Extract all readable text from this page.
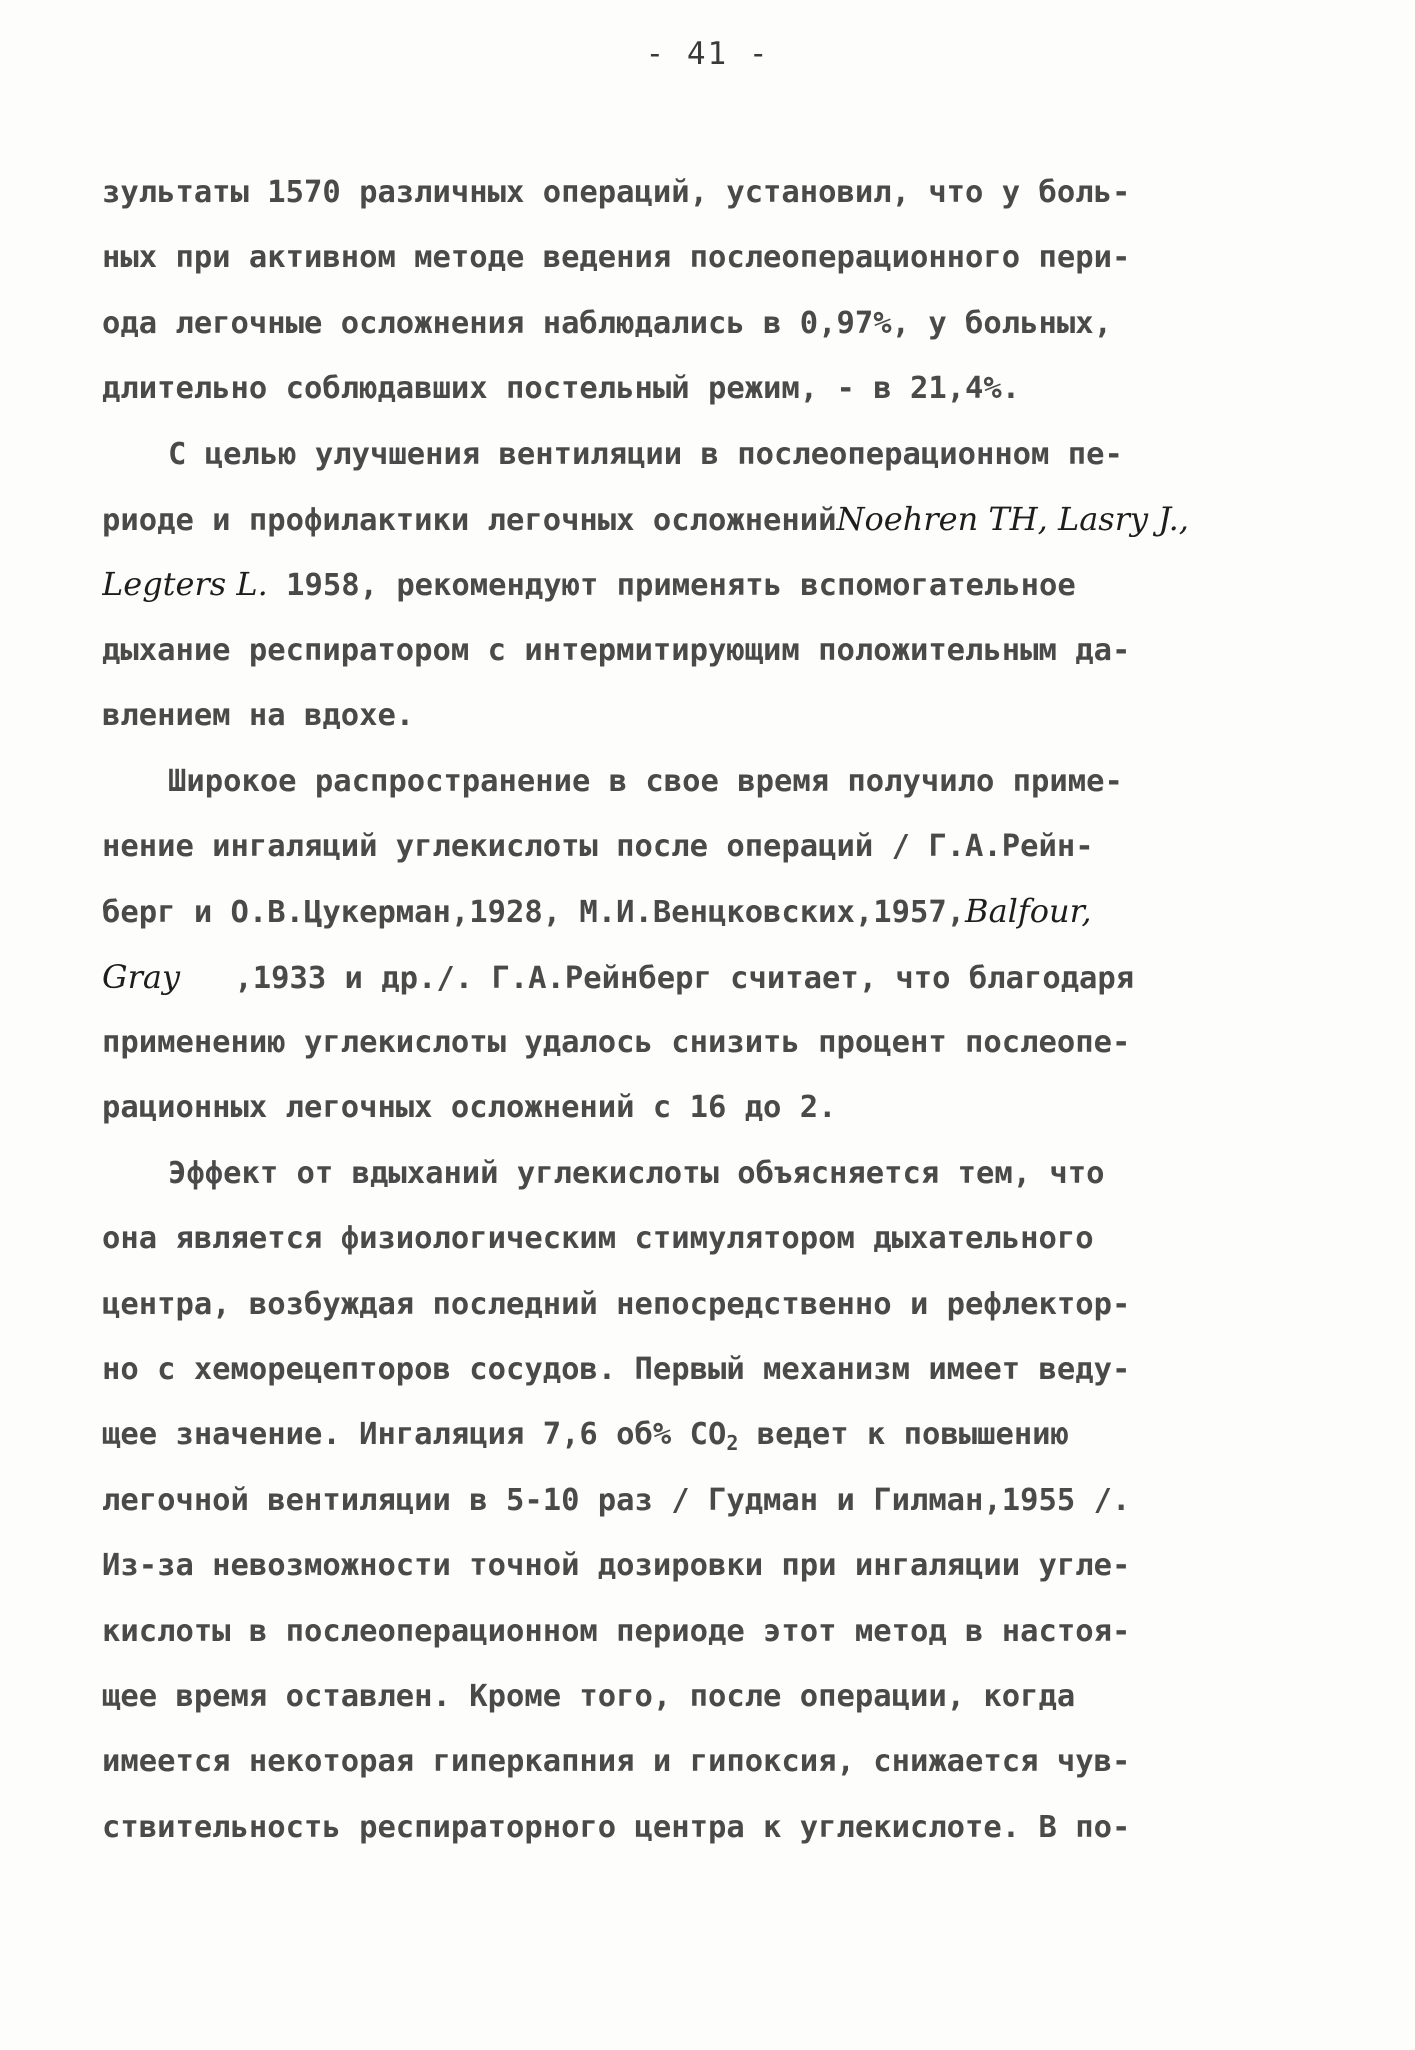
- 41 -
зультаты 1570 различных операций, установил, что у боль-
ных при активном методе ведения послеоперационного пери-
ода легочные осложнения наблюдались в 0,97%, у больных,
длительно соблюдавших постельный режим, - в 21,4%.
С целью улучшения вентиляции в послеоперационном пе-
риоде и профилактики легочных осложненийNoehren TH, Lasry J.,
Legters L. 1958, рекомендуют применять вспомогательное
дыхание респиратором с интермитирующим положительным да-
влением на вдохе.
Широкое распространение в свое время получило приме-
нение ингаляций углекислоты после операций / Г.А.Рейн-
берг и О.В.Цукерман,1928, М.И.Венцковских,1957,Balfour,
Gray ,1933 и др./. Г.А.Рейнберг считает, что благодаря
применению углекислоты удалось снизить процент послеопе-
рационных легочных осложнений с 16 до 2.
Эффект от вдыханий углекислоты объясняется тем, что
она является физиологическим стимулятором дыхательного
центра, возбуждая последний непосредственно и рефлектор-
но с хеморецепторов сосудов. Первый механизм имеет веду-
щее значение. Ингаляция 7,6 об% $CO_2$ ведет к повышению
легочной вентиляции в 5-10 раз / Гудман и Гилман,1955 /.
Из-за невозможности точной дозировки при ингаляции угле-
кислоты в послеоперационном периоде этот метод в настоя-
щее время оставлен. Кроме того, после операции, когда
имеется некоторая гиперкапния и гипоксия, снижается чув-
ствительность респираторного центра к углекислоте. В по-
